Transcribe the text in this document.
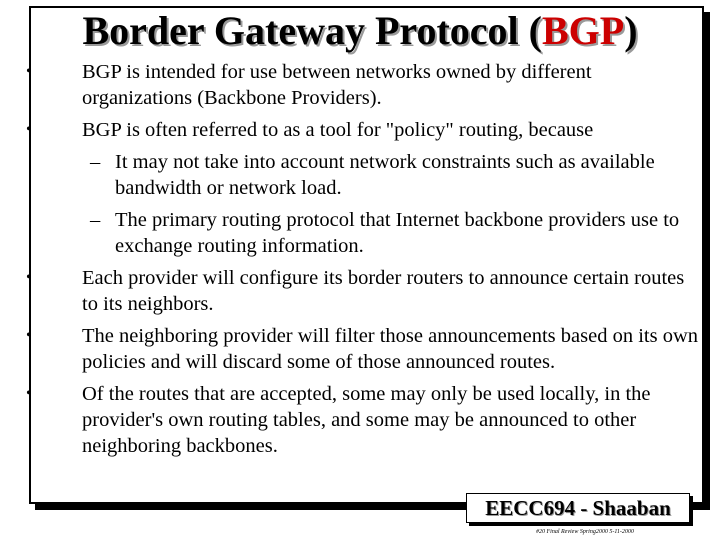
Border Gateway Protocol (BGP)
• BGP is intended for use between networks owned by different organizations (Backbone Providers).
• BGP is often referred to as a tool for "policy" routing, because
– It may not take into account network constraints such as available bandwidth or network load.
– The primary routing protocol that Internet backbone providers use to exchange routing information.
• Each provider will configure its border routers to announce certain routes to its neighbors.
• The neighboring provider will filter those announcements based on its own policies and will discard some of those announced routes.
• Of the routes that are accepted, some may only be used locally, in the provider's own routing tables, and some may be announced to other neighboring backbones.
EECC694 - Shaaban
#20 Final Review Spring2000 5-11-2000
